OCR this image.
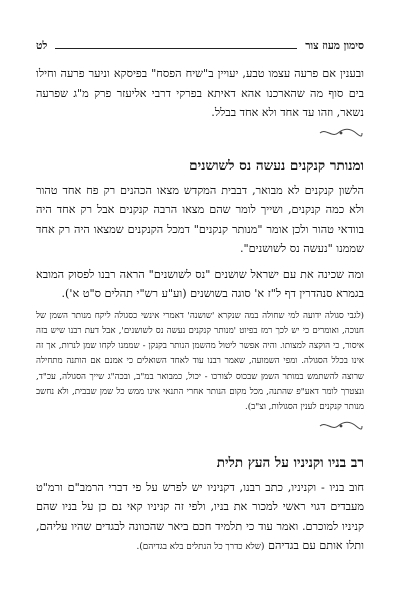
סימון מעוז צור
לט

ובענין אם פרעה עצמו טבע, יעויין ב"שיח הפסח" בפיסקא וניער פרעה וחילו בים סוף מה שהארכנו אהא דאיתא בפרקי דרבי אליעזר פרק מ"ג שפרעה נשאר, וזהו עד אחד ולא אחד בבלל.

ומנותר קנקנים נעשה נס לשושנים

הלשון קנקנים לא מבואר, דבבית המקדש מצאו הכהנים רק פח אחד טהור ולא כמה קנקנים, ושייך לומר שהם מצאו הרבה קנקנים אבל רק אחד היה בוודאי טהור ולכן אומר "מנותר קנקנים" דמכל הקנקנים שמצאו היה רק אחד שממנו "נעשה נס לשושנים".

ומה שכינה את עם ישראל שושנים "נס לשושנים" הראה רבנו לפסוק המובא בגמרא סנהדרין דף ל"ז א' סוגה בשושנים (וע"ע רש"י תהלים ס"ט א').

(לגבי סגולה ידועה למי שחולה במה שנקרא 'שושנה' דאמרי אינשי כסגולה ליקח מנותר השמן של חנוכה, ואומרים כי יש לכך רמז בפיוט 'מנותר קנקנים נעשה נס לשושנים', אבל דעת רבנו שיש בזה איסור, כי הוקצה למצותו. והיה אפשר ליטול מהשמן הנותר בקנקן - שממנו לקחו שמן לנרות, אך זה אינו בכלל הסגולה. ומפי השמועה, שאמר רבנו עוד לאחד השואלים כי אמנם אם הותנה מתחילה שרוצה להשתמש במותר השמן שבכוס לצורכו - יכול, כמבואר במ"ב, ובכה"ג שייך הסגולה, עכ"ד, ונצטרך לומר דאע"פ שהתנה, מכל מקום הנותר אחרי התנאי אינו ממש כל שמן שבבית, ולא נחשב מנותר קנקנים לענין הסגולות, וצ"ב).

רב בניו וקניניו על העץ תלית

חוב בניו - וקניניו, כתב רבנו, דקניניו יש לפרש על פי דברי הרמב"ם ורמ"ט מעבדים דגוי ראשי למכור את בניו, ולפי זה קניניו קאי נם כן על בניו שהם קניניו למוכרם. ואמר עוד כי תלמיד חכם ביאר שהכוונה לבגדים שהיו עליהם, ותלו אותם עם בגדיהם (שלא כדרך כל הנתלים בלא בגדיהם).
